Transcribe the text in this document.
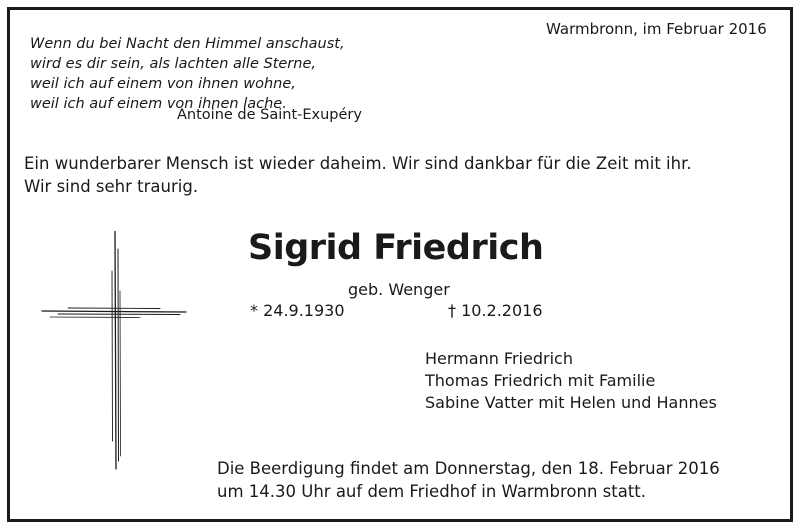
Warmbronn, im Februar 2016
Wenn du bei Nacht den Himmel anschaust,
wird es dir sein, als lachten alle Sterne,
weil ich auf einem von ihnen wohne,
weil ich auf einem von ihnen lache.
Antoine de Saint-Exupéry
Ein wunderbarer Mensch ist wieder daheim. Wir sind dankbar für die Zeit mit ihr.
Wir sind sehr traurig.
Sigrid Friedrich
geb. Wenger
* 24.9.1930	† 10.2.2016
Hermann Friedrich
Thomas Friedrich mit Familie
Sabine Vatter mit Helen und Hannes
Die Beerdigung findet am Donnerstag, den 18. Februar 2016
um 14.30 Uhr auf dem Friedhof in Warmbronn statt.
